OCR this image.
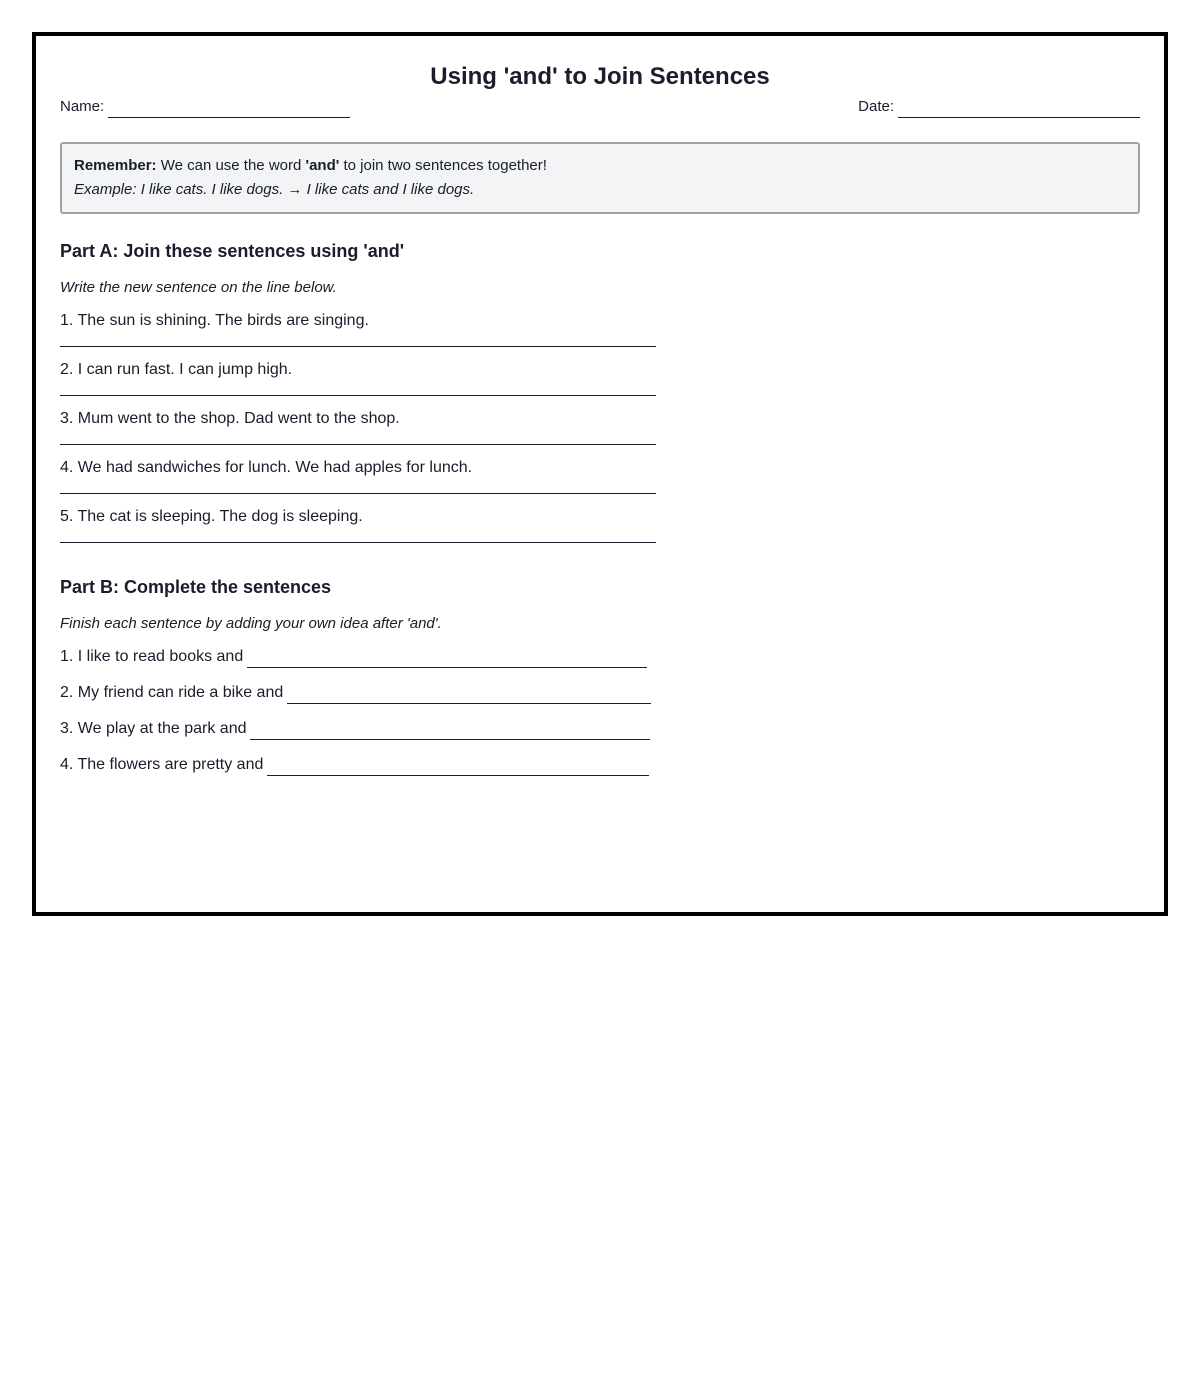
Using 'and' to Join Sentences
Name:	Date:
Remember: We can use the word 'and' to join two sentences together!
Example: I like cats. I like dogs. → I like cats and I like dogs.
Part A: Join these sentences using 'and'
Write the new sentence on the line below.
1. The sun is shining. The birds are singing.
2. I can run fast. I can jump high.
3. Mum went to the shop. Dad went to the shop.
4. We had sandwiches for lunch. We had apples for lunch.
5. The cat is sleeping. The dog is sleeping.
Part B: Complete the sentences
Finish each sentence by adding your own idea after 'and'.
1. I like to read books and
2. My friend can ride a bike and
3. We play at the park and
4. The flowers are pretty and
